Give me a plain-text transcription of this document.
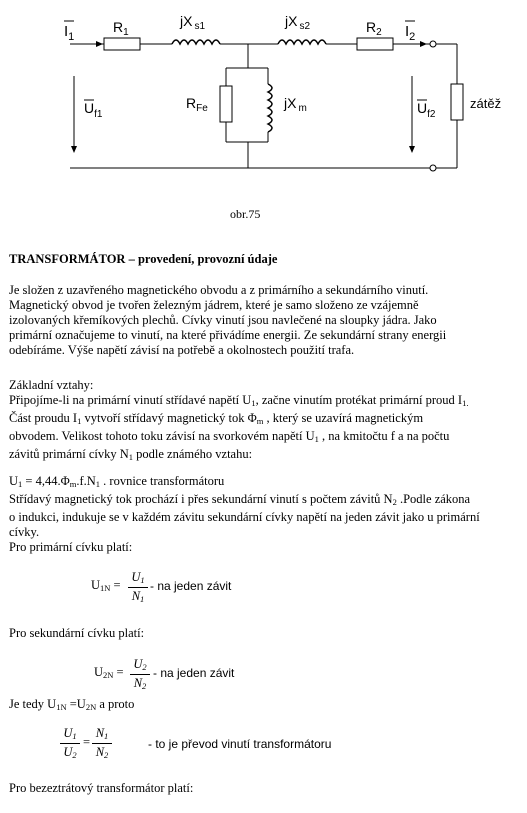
$I_1$
$R_1$
jX $_{s1}$	jX $_{s2}$	$R_2$ $I_2$
$U_{f1}$
$R_{Fe}$	jX $_m$	$U_{f2}$
zátěž
obr.75
TRANSFORMÁTOR – provedení, provozní údaje
Je složen z uzavřeného magnetického obvodu a z primárního a sekundárního vinutí.
Magnetický obvod je tvořen železným jádrem, které je samo složeno ze vzájemně
izolovaných křemíkových plechů. Cívky vinutí jsou navlečené na sloupky jádra. Jako
primární označujeme to vinutí, na které přivádíme energii. Ze sekundární strany energii
odebíráme. Výše napětí závisí na potřebě a okolnostech použití trafa.
Základní vztahy:
Připojíme-li na primární vinutí střídavé napětí $U_1$, začne vinutím protékat primární proud $I_{1.}$
Část proudu $I_1$ vytvoří střídavý magnetický tok $\Phi_m$ , který se uzavírá magnetickým
obvodem. Velikost tohoto toku závisí na svorkovém napětí $U_1$ , na kmitočtu f a na počtu
závitů primární cívky $N_1$ podle známého vztahu:
$U_1 = 4,44.\Phi_m.f.N_1$ . rovnice transformátoru
Střídavý magnetický tok prochází i přes sekundární vinutí s počtem závitů $N_2$ .Podle zákona
o indukci, indukuje se v každém závitu sekundární cívky napětí na jeden závit jako u primární
cívky.
Pro primární cívku platí:
$U_{1N}$ =
$U_1$
$N_1$
- na jeden závit
Pro sekundární cívku platí:
$U_{2N}$ =
$U_2$
$N_2$
- na jeden závit
Je tedy $U_{1N} =U_{2N}$ a proto
$U_1$
$U_2$
=
$N_1$
$N_2$
- to je převod vinutí transformátoru
Pro bezeztrátový transformátor platí:
